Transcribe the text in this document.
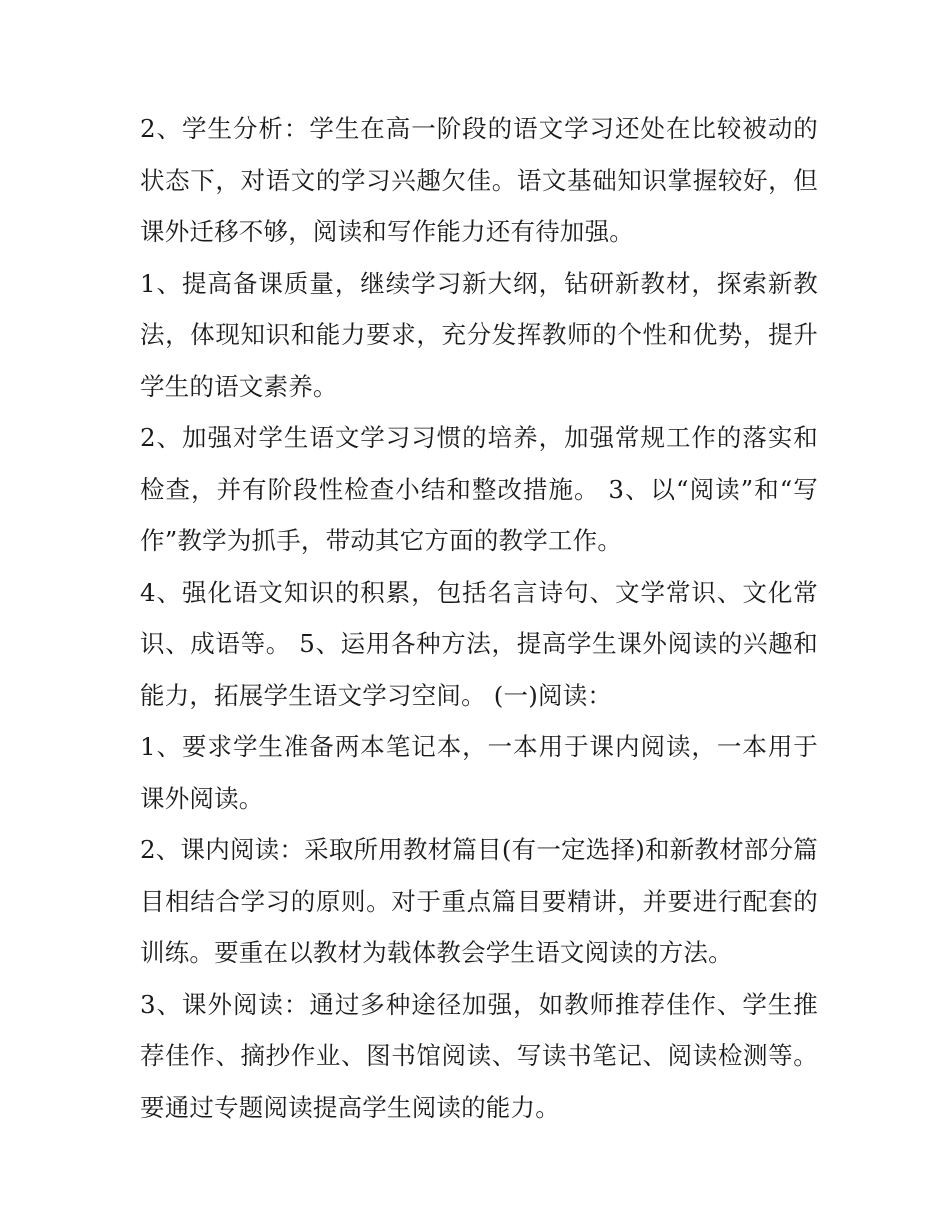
2、学生分析：学生在高一阶段的语文学习还处在比较被动的状态下，对语文的学习兴趣欠佳。语文基础知识掌握较好，但课外迁移不够，阅读和写作能力还有待加强。

1、提高备课质量，继续学习新大纲，钻研新教材，探索新教法，体现知识和能力要求，充分发挥教师的个性和优势，提升学生的语文素养。

2、加强对学生语文学习习惯的培养，加强常规工作的落实和检查，并有阶段性检查小结和整改措施。 3、以“阅读”和“写作”教学为抓手，带动其它方面的教学工作。

4、强化语文知识的积累，包括名言诗句、文学常识、文化常识、成语等。 5、运用各种方法，提高学生课外阅读的兴趣和能力，拓展学生语文学习空间。 (一)阅读：

1、要求学生准备两本笔记本，一本用于课内阅读，一本用于课外阅读。

2、课内阅读：采取所用教材篇目(有一定选择)和新教材部分篇目相结合学习的原则。对于重点篇目要精讲，并要进行配套的训练。要重在以教材为载体教会学生语文阅读的方法。

3、课外阅读：通过多种途径加强，如教师推荐佳作、学生推荐佳作、摘抄作业、图书馆阅读、写读书笔记、阅读检测等。要通过专题阅读提高学生阅读的能力。
